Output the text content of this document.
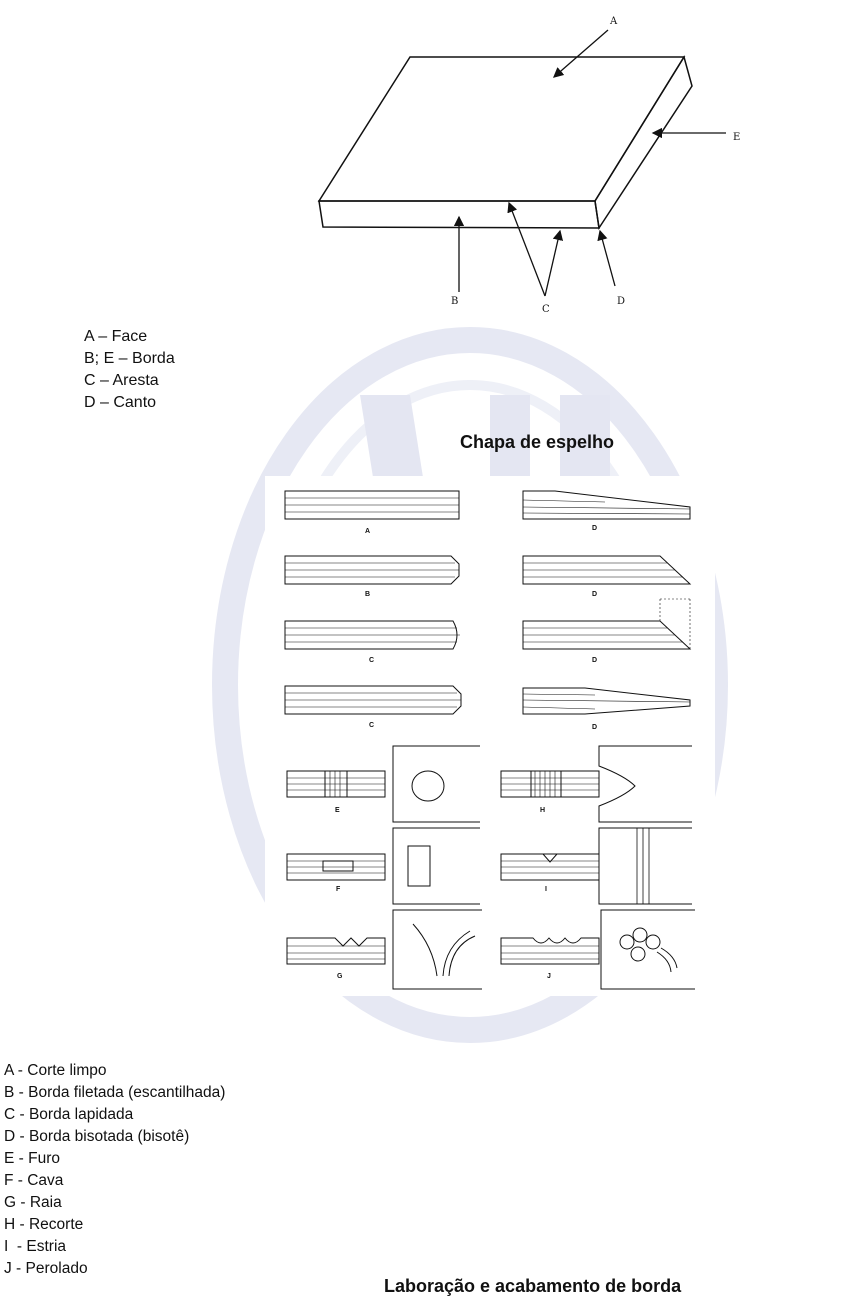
A
B
C
D
E
A – Face
B; E – Borda
C – Aresta
D – Canto
Chapa de espelho
A
B
C
C
D
D
D
D
E
F
G
H
I
J
A - Corte limpo
B - Borda filetada (escantilhada)
C - Borda lapidada
D - Borda bisotada (bisotê)
E - Furo
F - Cava
G - Raia
H - Recorte
I  - Estria
J - Perolado
Laboração e acabamento de borda
